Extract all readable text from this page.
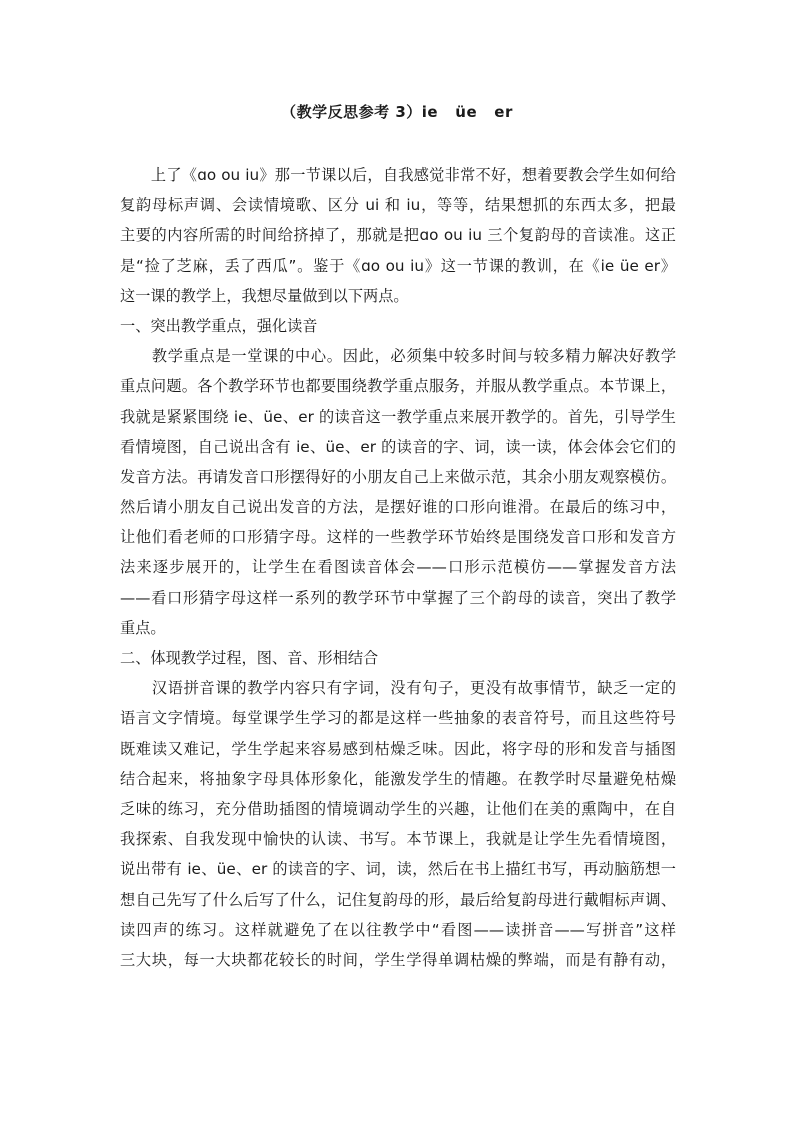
（教学反思参考 3）ie   üe   er
　　上了《ɑo ou iu》那一节课以后，自我感觉非常不好，想着要教会学生如何给
复韵母标声调、会读情境歌、区分 ui 和 iu，等等，结果想抓的东西太多，把最
主要的内容所需的时间给挤掉了，那就是把ɑo ou iu 三个复韵母的音读准。这正
是“捡了芝麻，丢了西瓜”。鉴于《ɑo ou iu》这一节课的教训，在《ie üe er》
这一课的教学上，我想尽量做到以下两点。
一、突出教学重点，强化读音
　　教学重点是一堂课的中心。因此，必须集中较多时间与较多精力解决好教学
重点问题。各个教学环节也都要围绕教学重点服务，并服从教学重点。本节课上，
我就是紧紧围绕 ie、üe、er 的读音这一教学重点来展开教学的。首先，引导学生
看情境图，自己说出含有 ie、üe、er 的读音的字、词，读一读，体会体会它们的
发音方法。再请发音口形摆得好的小朋友自己上来做示范，其余小朋友观察模仿。
然后请小朋友自己说出发音的方法，是摆好谁的口形向谁滑。在最后的练习中，
让他们看老师的口形猜字母。这样的一些教学环节始终是围绕发音口形和发音方
法来逐步展开的，让学生在看图读音体会——口形示范模仿——掌握发音方法
——看口形猜字母这样一系列的教学环节中掌握了三个韵母的读音，突出了教学
重点。
二、体现教学过程，图、音、形相结合
　　汉语拼音课的教学内容只有字词，没有句子，更没有故事情节，缺乏一定的
语言文字情境。每堂课学生学习的都是这样一些抽象的表音符号，而且这些符号
既难读又难记，学生学起来容易感到枯燥乏味。因此，将字母的形和发音与插图
结合起来，将抽象字母具体形象化，能激发学生的情趣。在教学时尽量避免枯燥
乏味的练习，充分借助插图的情境调动学生的兴趣，让他们在美的熏陶中，在自
我探索、自我发现中愉快的认读、书写。本节课上，我就是让学生先看情境图，
说出带有 ie、üe、er 的读音的字、词，读，然后在书上描红书写，再动脑筋想一
想自己先写了什么后写了什么，记住复韵母的形，最后给复韵母进行戴帽标声调、
读四声的练习。这样就避免了在以往教学中“看图——读拼音——写拼音”这样
三大块，每一大块都花较长的时间，学生学得单调枯燥的弊端，而是有静有动，
